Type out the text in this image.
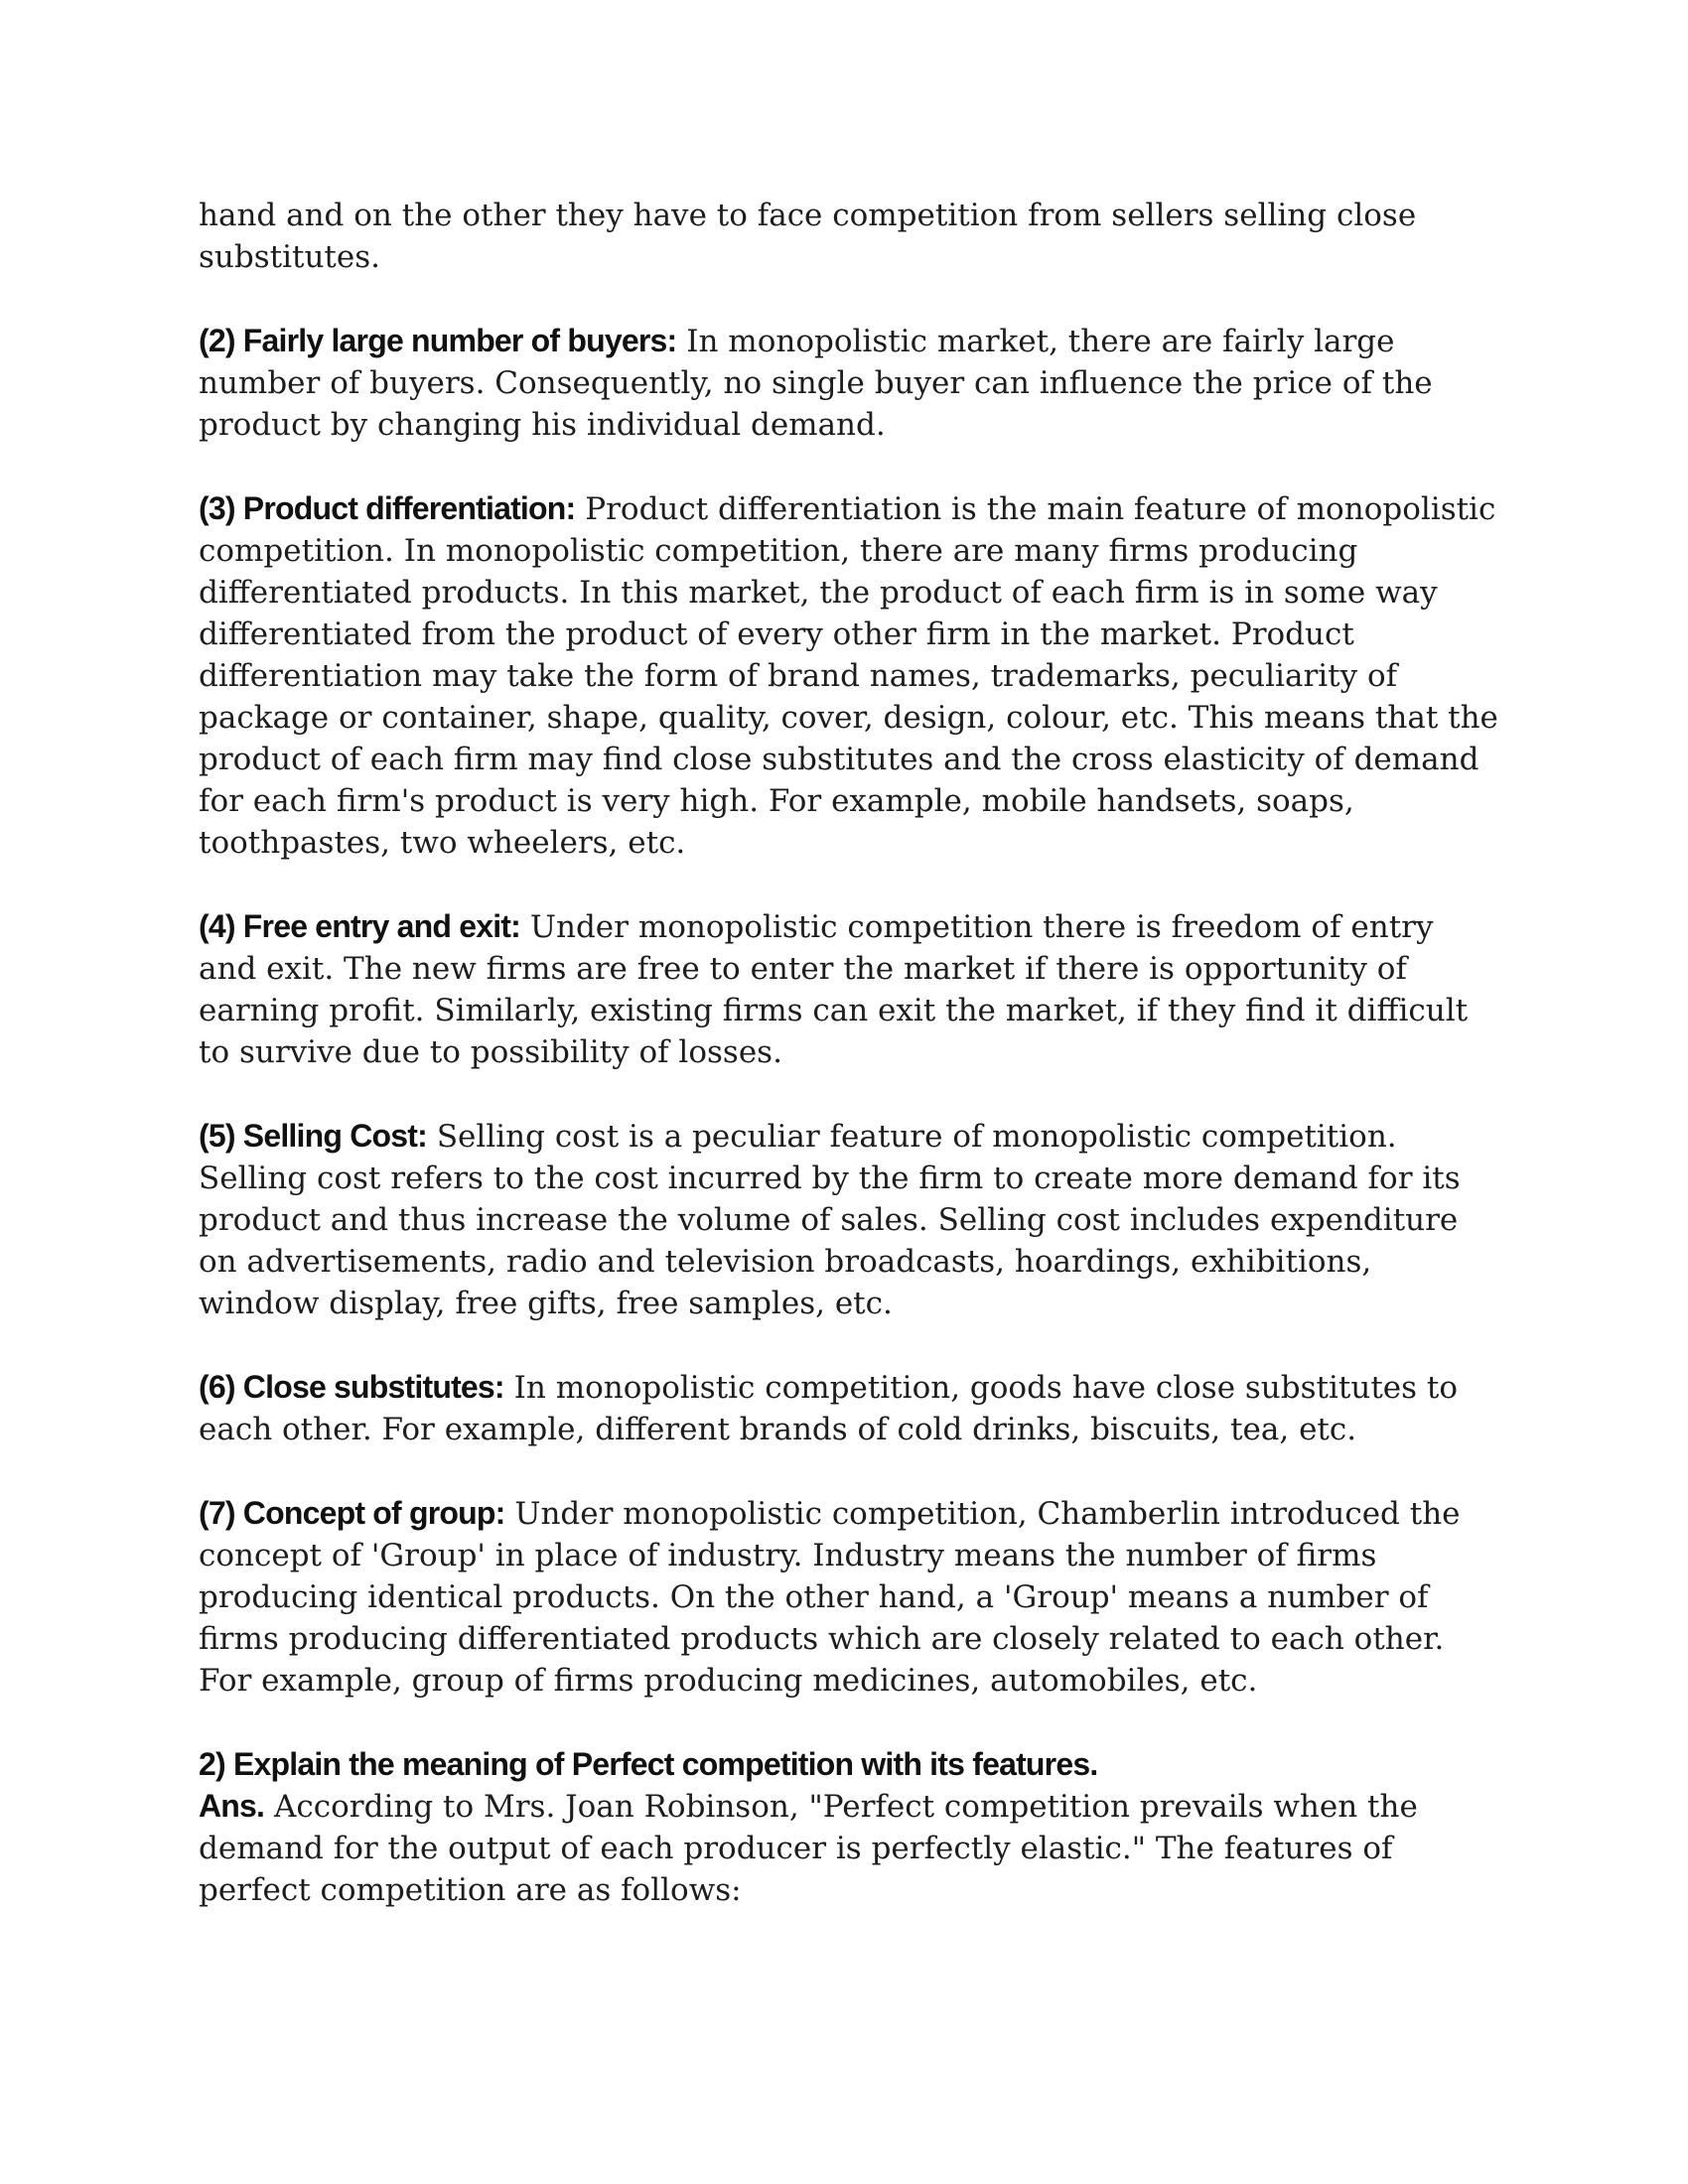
hand and on the other they have to face competition from sellers selling close substitutes.

(2) Fairly large number of buyers: In monopolistic market, there are fairly large number of buyers. Consequently, no single buyer can influence the price of the product by changing his individual demand.

(3) Product differentiation: Product differentiation is the main feature of monopolistic competition. In monopolistic competition, there are many firms producing differentiated products. In this market, the product of each firm is in some way differentiated from the product of every other firm in the market. Product differentiation may take the form of brand names, trademarks, peculiarity of package or container, shape, quality, cover, design, colour, etc. This means that the product of each firm may find close substitutes and the cross elasticity of demand for each firm's product is very high. For example, mobile handsets, soaps, toothpastes, two wheelers, etc.

(4) Free entry and exit: Under monopolistic competition there is freedom of entry and exit. The new firms are free to enter the market if there is opportunity of earning profit. Similarly, existing firms can exit the market, if they find it difficult to survive due to possibility of losses.

(5) Selling Cost: Selling cost is a peculiar feature of monopolistic competition. Selling cost refers to the cost incurred by the firm to create more demand for its product and thus increase the volume of sales. Selling cost includes expenditure on advertisements, radio and television broadcasts, hoardings, exhibitions, window display, free gifts, free samples, etc.

(6) Close substitutes: In monopolistic competition, goods have close substitutes to each other. For example, different brands of cold drinks, biscuits, tea, etc.

(7) Concept of group: Under monopolistic competition, Chamberlin introduced the concept of 'Group' in place of industry. Industry means the number of firms producing identical products. On the other hand, a 'Group' means a number of firms producing differentiated products which are closely related to each other. For example, group of firms producing medicines, automobiles, etc.

2) Explain the meaning of Perfect competition with its features.

Ans. According to Mrs. Joan Robinson, "Perfect competition prevails when the demand for the output of each producer is perfectly elastic." The features of perfect competition are as follows:
